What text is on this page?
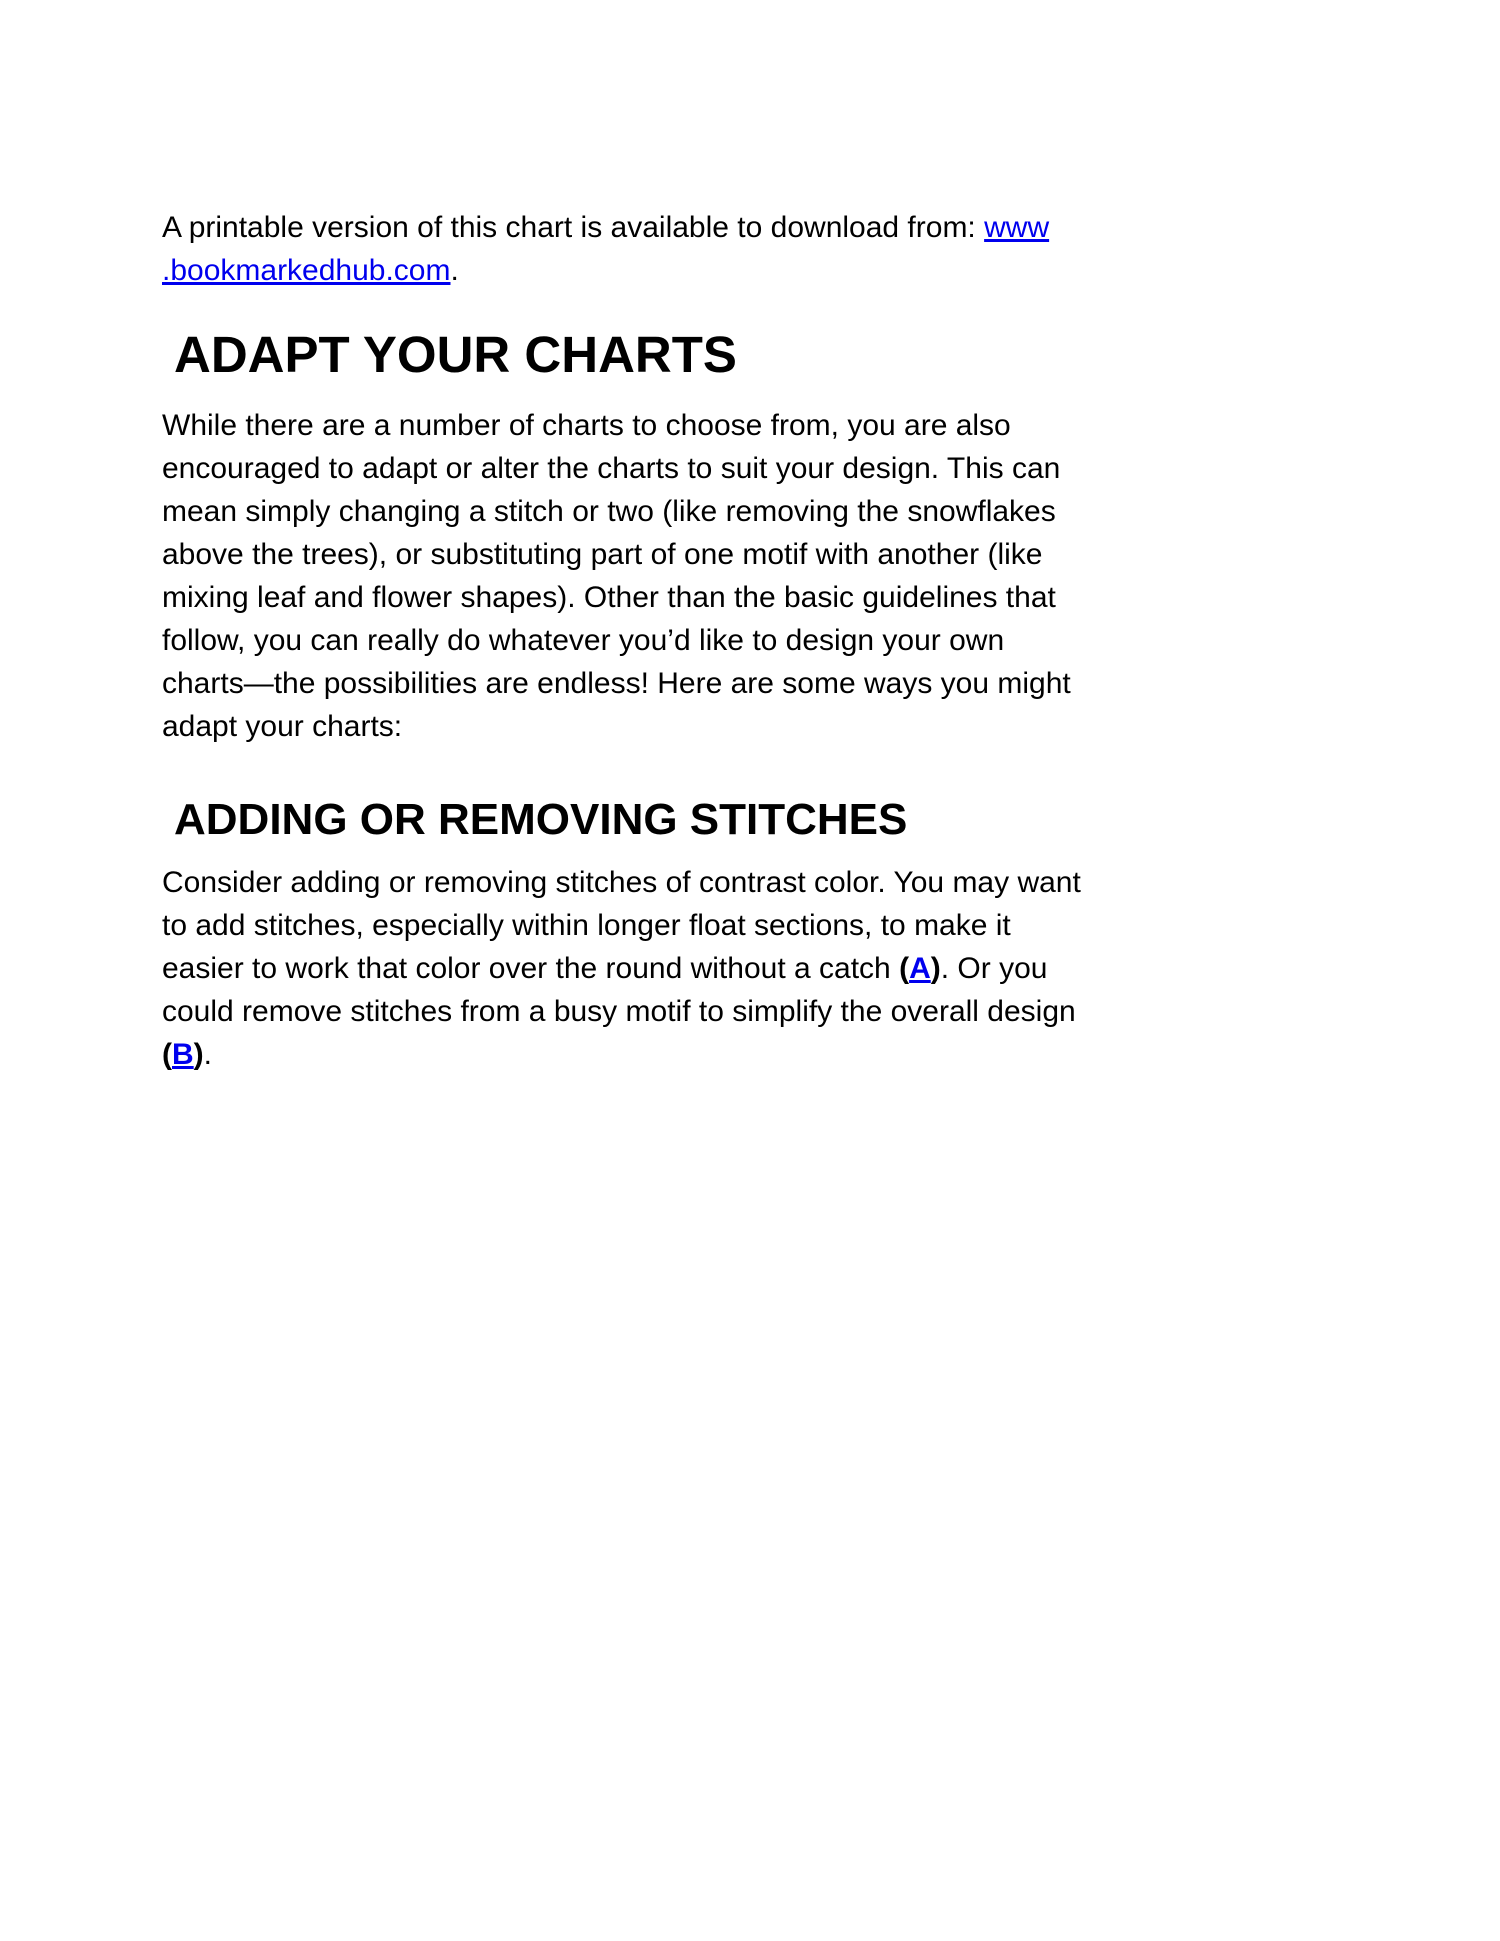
A printable version of this chart is available to download from: www
.bookmarkedhub.com.

ADAPT YOUR CHARTS

While there are a number of charts to choose from, you are also
encouraged to adapt or alter the charts to suit your design. This can
mean simply changing a stitch or two (like removing the snowflakes
above the trees), or substituting part of one motif with another (like
mixing leaf and flower shapes). Other than the basic guidelines that
follow, you can really do whatever you’d like to design your own
charts—the possibilities are endless! Here are some ways you might
adapt your charts:

ADDING OR REMOVING STITCHES

Consider adding or removing stitches of contrast color. You may want
to add stitches, especially within longer float sections, to make it
easier to work that color over the round without a catch (A). Or you
could remove stitches from a busy motif to simplify the overall design
(B).
